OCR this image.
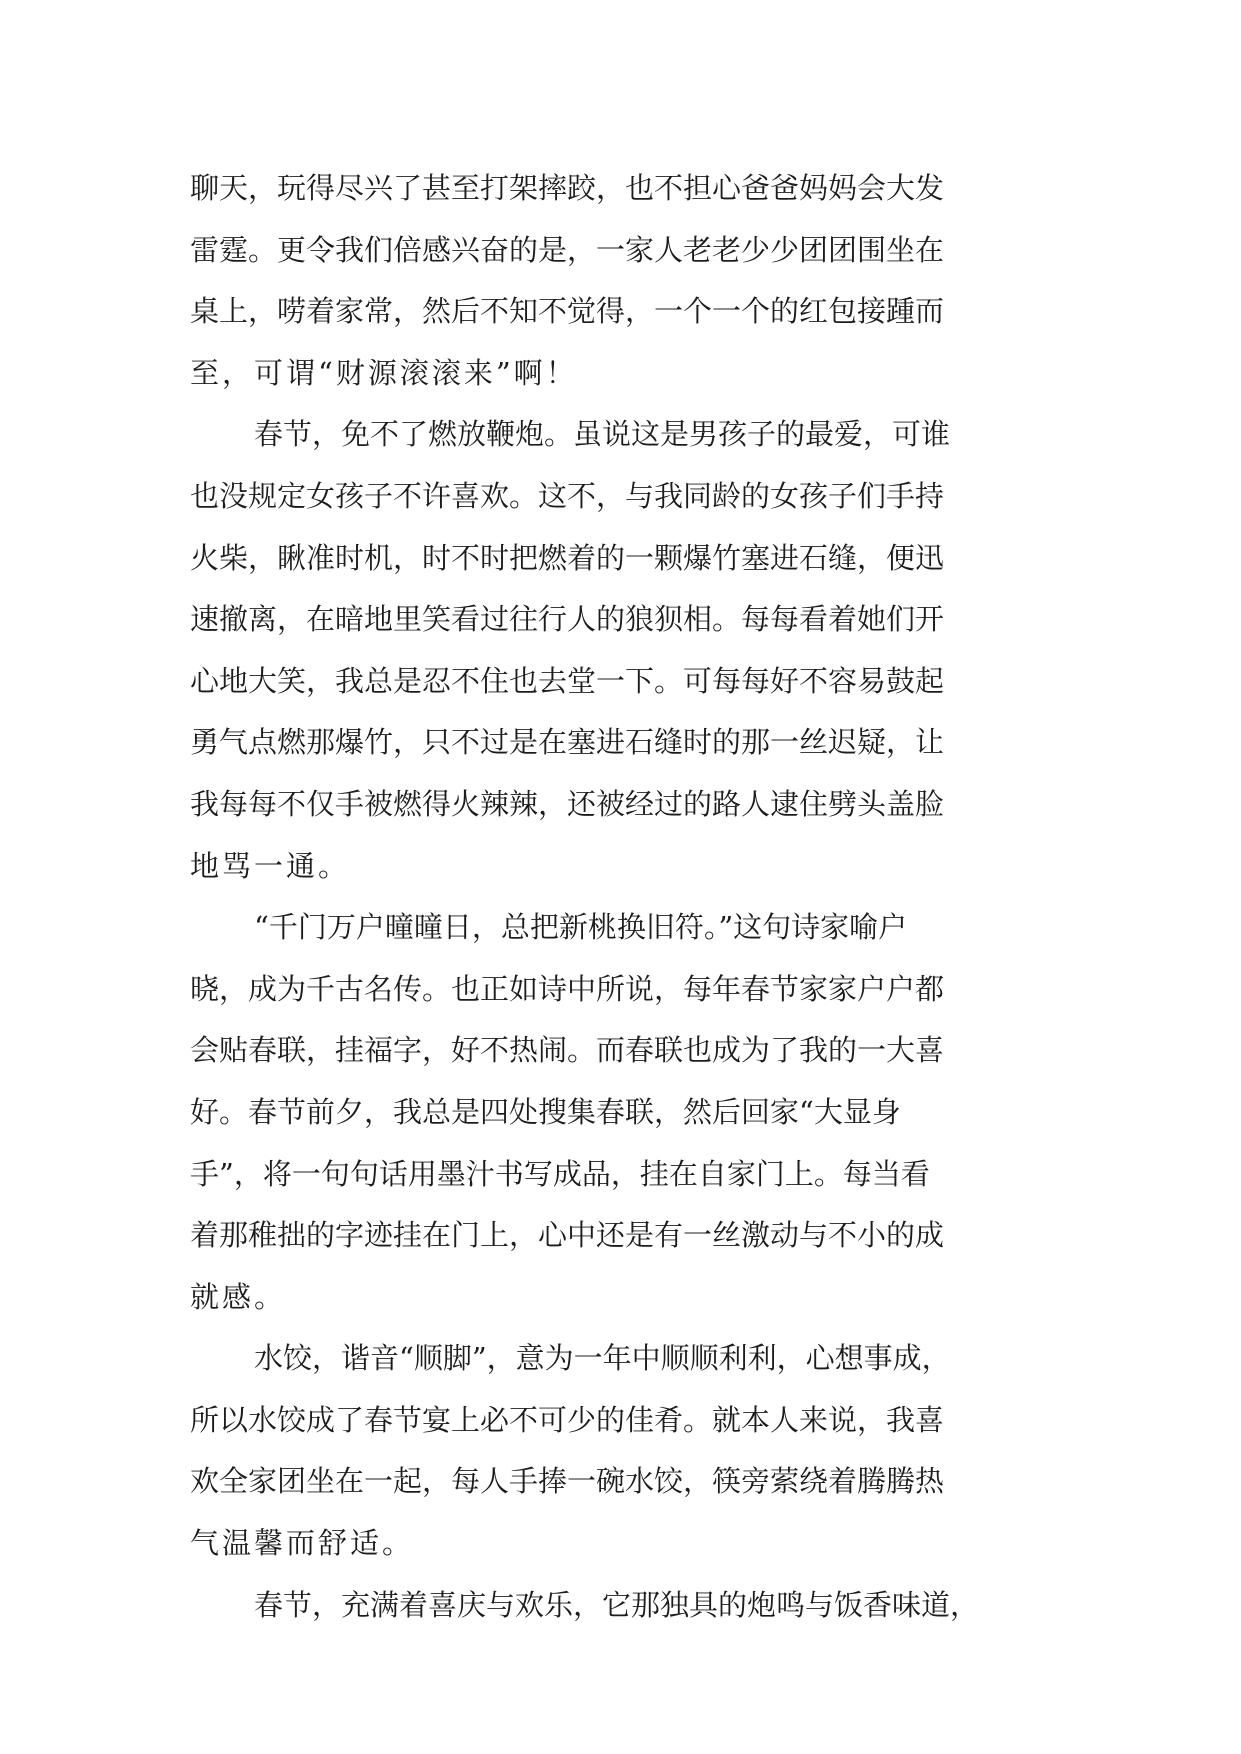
聊天，玩得尽兴了甚至打架摔跤，也不担心爸爸妈妈会大发
雷霆。更令我们倍感兴奋的是，一家人老老少少团团围坐在
桌上，唠着家常，然后不知不觉得，一个一个的红包接踵而
至，可谓“财源滚滚来”啊！
春节，免不了燃放鞭炮。虽说这是男孩子的最爱，可谁
也没规定女孩子不许喜欢。这不，与我同龄的女孩子们手持
火柴，瞅准时机，时不时把燃着的一颗爆竹塞进石缝，便迅
速撤离，在暗地里笑看过往行人的狼狈相。每每看着她们开
心地大笑，我总是忍不住也去堂一下。可每每好不容易鼓起
勇气点燃那爆竹，只不过是在塞进石缝时的那一丝迟疑，让
我每每不仅手被燃得火辣辣，还被经过的路人逮住劈头盖脸
地骂一通。
“千门万户曈曈日，总把新桃换旧符。”这句诗家喻户
晓，成为千古名传。也正如诗中所说，每年春节家家户户都
会贴春联，挂福字，好不热闹。而春联也成为了我的一大喜
好。春节前夕，我总是四处搜集春联，然后回家“大显身
手”，将一句句话用墨汁书写成品，挂在自家门上。每当看
着那稚拙的字迹挂在门上，心中还是有一丝激动与不小的成
就感。
水饺，谐音“顺脚”，意为一年中顺顺利利，心想事成，
所以水饺成了春节宴上必不可少的佳肴。就本人来说，我喜
欢全家团坐在一起，每人手捧一碗水饺，筷旁萦绕着腾腾热
气温馨而舒适。
春节，充满着喜庆与欢乐，它那独具的炮鸣与饭香味道，
